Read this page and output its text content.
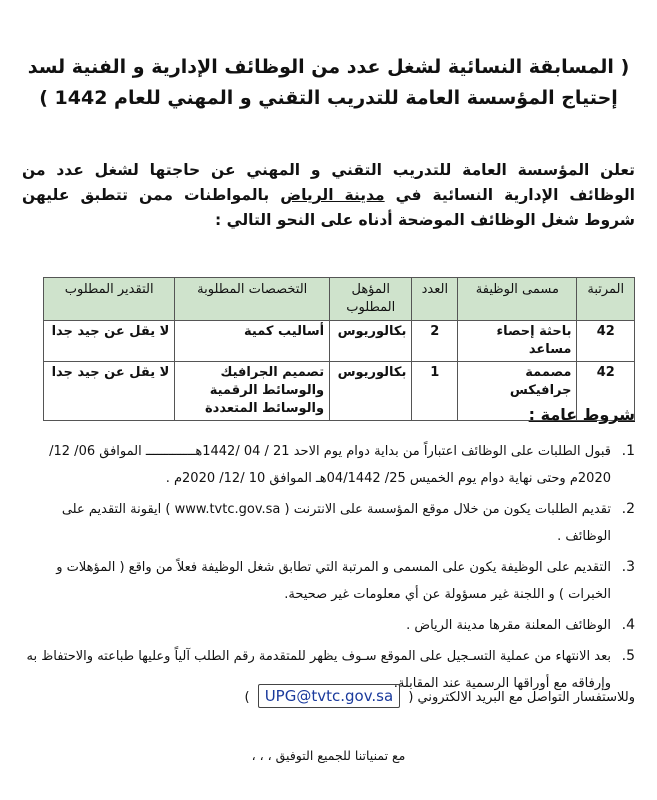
( المسابقة النسائية لشغل عدد من الوظائف الإدارية و الفنية لسد إحتياج المؤسسة العامة للتدريب التقني و المهني للعام 1442 )
تعلن المؤسسة العامة للتدريب التقني و المهني عن حاجتها لشغل عدد من الوظائف الإدارية النسائية في مدينة الرياض بالمواطنات ممن تتطبق عليهن شروط شغل الوظائف الموضحة أدناه على النحو التالي :
المرتبة	مسمى الوظيفة	العدد	المؤهل المطلوب	التخصصات المطلوبة	التقدير المطلوب
42	باحثة إحصاء مساعد	2	بكالوريوس	أساليب كمية	لا يقل عن جيد جدا
42	مصممة جرافيكس	1	بكالوريوس	تصميم الجرافيك والوسائط الرقمية والوسائط المتعددة	لا يقل عن جيد جدا
شروط عامة :
1.
قبول الطلبات على الوظائف اعتباراً من بداية دوام يوم الاحد 21 / 04 /1442هـــــــــــــ الموافق 06/ 12/ 2020م وحتى نهاية دوام يوم الخميس 25/ 04/1442هـ الموافق 10 /12/ 2020م .
2.
تقديم الطلبات يكون من خلال موقع المؤسسة على الانترنت ( www.tvtc.gov.sa ) ايقونة التقديم على الوظائف .
3.
التقديم على الوظيفة يكون على المسمى و المرتبة التي تطابق شغل الوظيفة فعلاً من واقع ( المؤهلات و الخبرات ) و اللجنة غير مسؤولة عن أي معلومات غير صحيحة.
4.
الوظائف المعلنة مقرها مدينة الرياض .
5.
بعد الانتهاء من عملية التسـجيل على الموقع سـوف يظهر للمتقدمة رقم الطلب آلياً وعليها طباعته والاحتفاظ به وإرفاقه مع أوراقها الرسمية عند المقابلة.
وللاستفسار التواصل مع البريد الالكتروني ( UPG@tvtc.gov.sa )
مع تمنياتنا للجميع التوفيق ، ، ،
